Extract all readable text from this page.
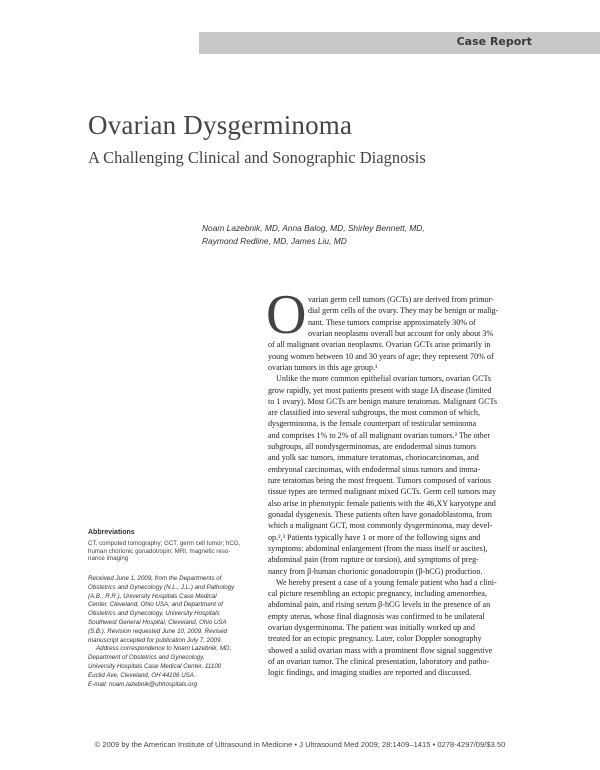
Case Report
Ovarian Dysgerminoma
A Challenging Clinical and Sonographic Diagnosis
Noam Lazebnik, MD, Anna Balog, MD, Shirley Bennett, MD,
Raymond Redline, MD, James Liu, MD
O varian germ cell tumors (GCTs) are derived from primor-
dial germ cells of the ovary. They may be benign or malig-
nant. These tumors comprise approximately 30% of
ovarian neoplasms overall but account for only about 3%
of all malignant ovarian neoplasms. Ovarian GCTs arise primarily in
young women between 10 and 30 years of age; they represent 70% of
ovarian tumors in this age group.¹
Unlike the more common epithelial ovarian tumors, ovarian GCTs
grow rapidly, yet most patients present with stage IA disease (limited
to 1 ovary). Most GCTs are benign mature teratomas. Malignant GCTs
are classified into several subgroups, the most common of which,
dysgerminoma, is the female counterpart of testicular seminoma
and comprises 1% to 2% of all malignant ovarian tumors.² The other
subgroups, all nondysgerminomas, are endodermal sinus tumors
and yolk sac tumors, immature teratomas, choriocarcinomas, and
embryonal carcinomas, with endodermal sinus tumors and imma-
ture teratomas being the most frequent. Tumors composed of various
tissue types are termed malignant mixed GCTs. Germ cell tumors may
also arise in phenotypic female patients with the 46,XY karyotype and
gonadal dysgenesis. These patients often have gonadoblastoma, from
which a malignant GCT, most commonly dysgerminoma, may devel-
op.²,³ Patients typically have 1 or more of the following signs and
symptoms: abdominal enlargement (from the mass itself or ascites),
abdominal pain (from rupture or torsion), and symptoms of preg-
nancy from β-human chorionic gonadotropin (β-hCG) production.
We hereby present a case of a young female patient who had a clini-
cal picture resembling an ectopic pregnancy, including amenorrhea,
abdominal pain, and rising serum β-hCG levels in the presence of an
empty uterus, whose final diagnosis was confirmed to be unilateral
ovarian dysgerminoma. The patient was initially worked up and
treated for an ectopic pregnancy. Later, color Doppler sonography
showed a solid ovarian mass with a prominent flow signal suggestive
of an ovarian tumor. The clinical presentation, laboratory and patho-
logic findings, and imaging studies are reported and discussed.
Abbreviations
CT, computed tomography; GCT, germ cell tumor; hCG,
human chorionic gonadotropin; MRI, magnetic reso-
nance imaging
Received June 1, 2009, from the Departments of
Obstetrics and Gynecology (N.L., J.L.) and Pathology
(A.B., R.R.), University Hospitals Case Medical
Center, Cleveland, Ohio USA; and Department of
Obstetrics and Gynecology, University Hospitals
Southwest General Hospital, Cleveland, Ohio USA
(S.B.). Revision requested June 10, 2009. Revised
manuscript accepted for publication July 7, 2009.
Address correspondence to Noam Lazebnik, MD,
Department of Obstetrics and Gynecology,
University Hospitals Case Medical Center, 11100
Euclid Ave, Cleveland, OH 44106 USA.
E-mail: noam.lazebnik@uhhospitals.org
© 2009 by the American Institute of Ultrasound in Medicine • J Ultrasound Med 2009; 28:1409–1415 • 0278-4297/09/$3.50
